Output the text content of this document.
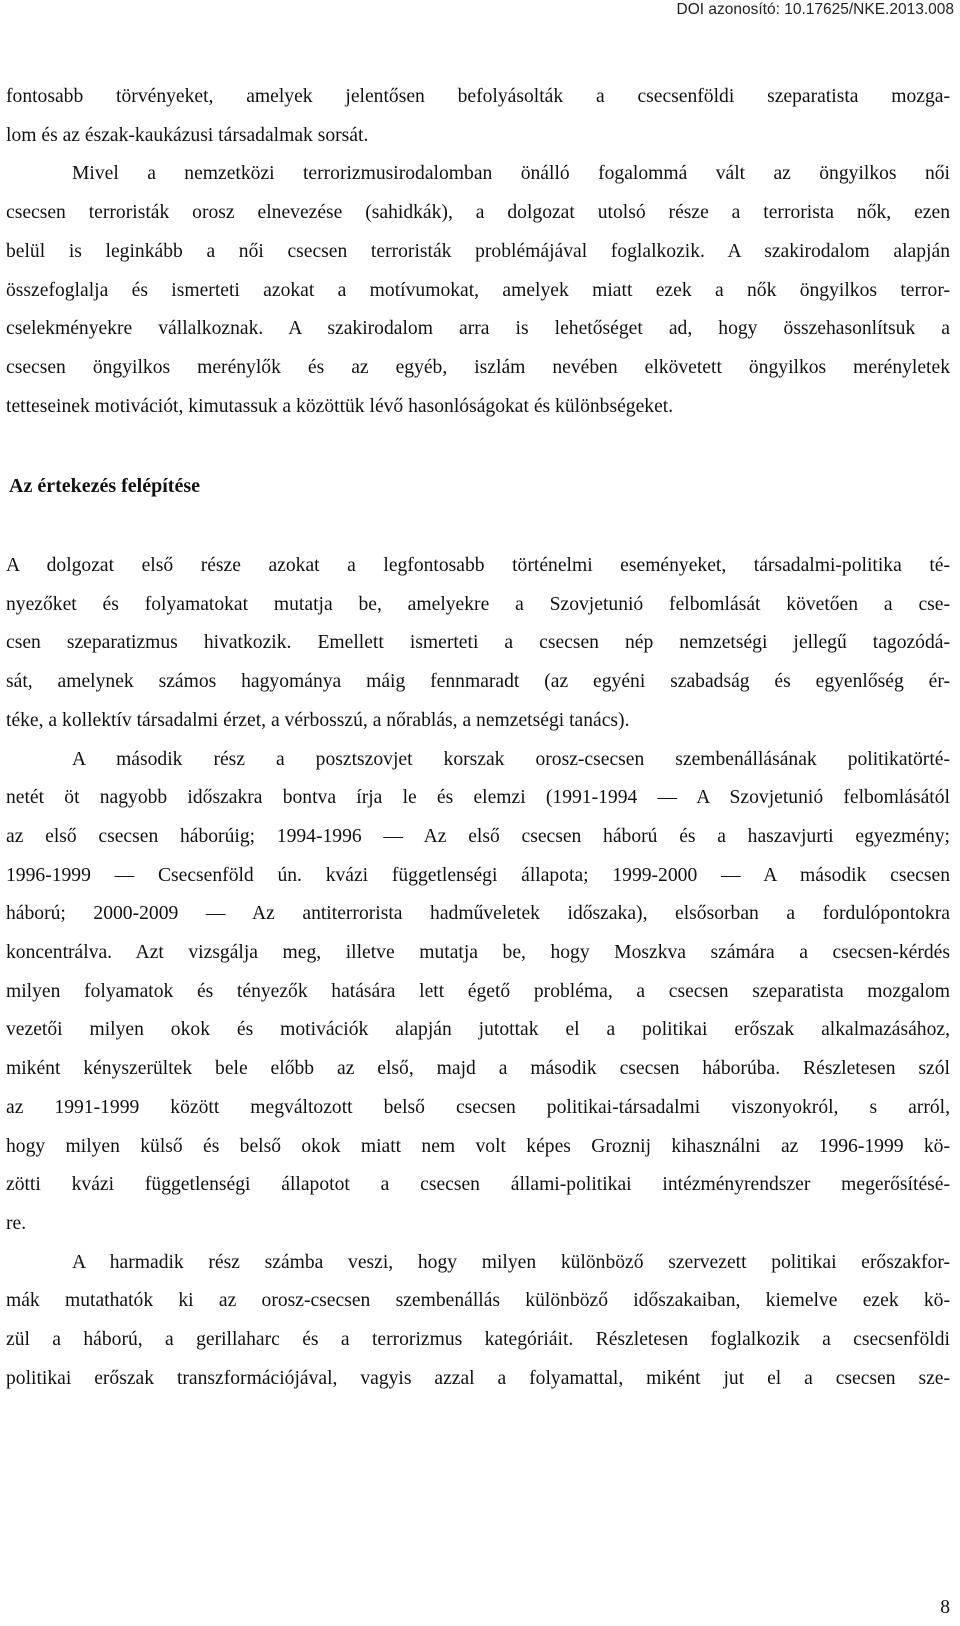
DOI azonosító: 10.17625/NKE.2013.008

fontosabb törvényeket, amelyek jelentősen befolyásolták a csecsenföldi szeparatista mozga-
lom és az észak-kaukázusi társadalmak sorsát.

Mivel a nemzetközi terrorizmusirodalomban önálló fogalommá vált az öngyilkos női
csecsen terroristák orosz elnevezése (sahidkák), a dolgozat utolsó része a terrorista nők, ezen
belül is leginkább a női csecsen terroristák problémájával foglalkozik. A szakirodalom alapján
összefoglalja és ismerteti azokat a motívumokat, amelyek miatt ezek a nők öngyilkos terror-
cselekményekre vállalkoznak. A szakirodalom arra is lehetőséget ad, hogy összehasonlítsuk a
csecsen öngyilkos merénylők és az egyéb, iszlám nevében elkövetett öngyilkos merényletek
tetteseinek motivációt, kimutassuk a közöttük lévő hasonlóságokat és különbségeket.

Az értekezés felépítése

A dolgozat első része azokat a legfontosabb történelmi eseményeket, társadalmi-politika té-
nyezőket és folyamatokat mutatja be, amelyekre a Szovjetunió felbomlását követően a cse-
csen szeparatizmus hivatkozik. Emellett ismerteti a csecsen nép nemzetségi jellegű tagozódá-
sát, amelynek számos hagyománya máig fennmaradt (az egyéni szabadság és egyenlőség ér-
téke, a kollektív társadalmi érzet, a vérbosszú, a nőrablás, a nemzetségi tanács).

A második rész a posztszovjet korszak orosz-csecsen szembenállásának politikatörté-
netét öt nagyobb időszakra bontva írja le és elemzi (1991-1994 — A Szovjetunió felbomlásától
az első csecsen háborúig; 1994-1996 — Az első csecsen háború és a haszavjurti egyezmény;
1996-1999 — Csecsenföld ún. kvázi függetlenségi állapota; 1999-2000 — A második csecsen
háború; 2000-2009 — Az antiterrorista hadműveletek időszaka), elsősorban a fordulópontokra
koncentrálva. Azt vizsgálja meg, illetve mutatja be, hogy Moszkva számára a csecsen-kérdés
milyen folyamatok és tényezők hatására lett égető probléma, a csecsen szeparatista mozgalom
vezetői milyen okok és motivációk alapján jutottak el a politikai erőszak alkalmazásához,
miként kényszerültek bele előbb az első, majd a második csecsen háborúba. Részletesen szól
az 1991-1999 között megváltozott belső csecsen politikai-társadalmi viszonyokról, s arról,
hogy milyen külső és belső okok miatt nem volt képes Groznij kihasználni az 1996-1999 kö-
zötti kvázi függetlenségi állapotot a csecsen állami-politikai intézményrendszer megerősítésé-
re.

A harmadik rész számba veszi, hogy milyen különböző szervezett politikai erőszakfor-
mák mutathatók ki az orosz-csecsen szembenállás különböző időszakaiban, kiemelve ezek kö-
zül a háború, a gerillaharc és a terrorizmus kategóriáit. Részletesen foglalkozik a csecsenföldi
politikai erőszak transzformációjával, vagyis azzal a folyamattal, miként jut el a csecsen sze-

8
